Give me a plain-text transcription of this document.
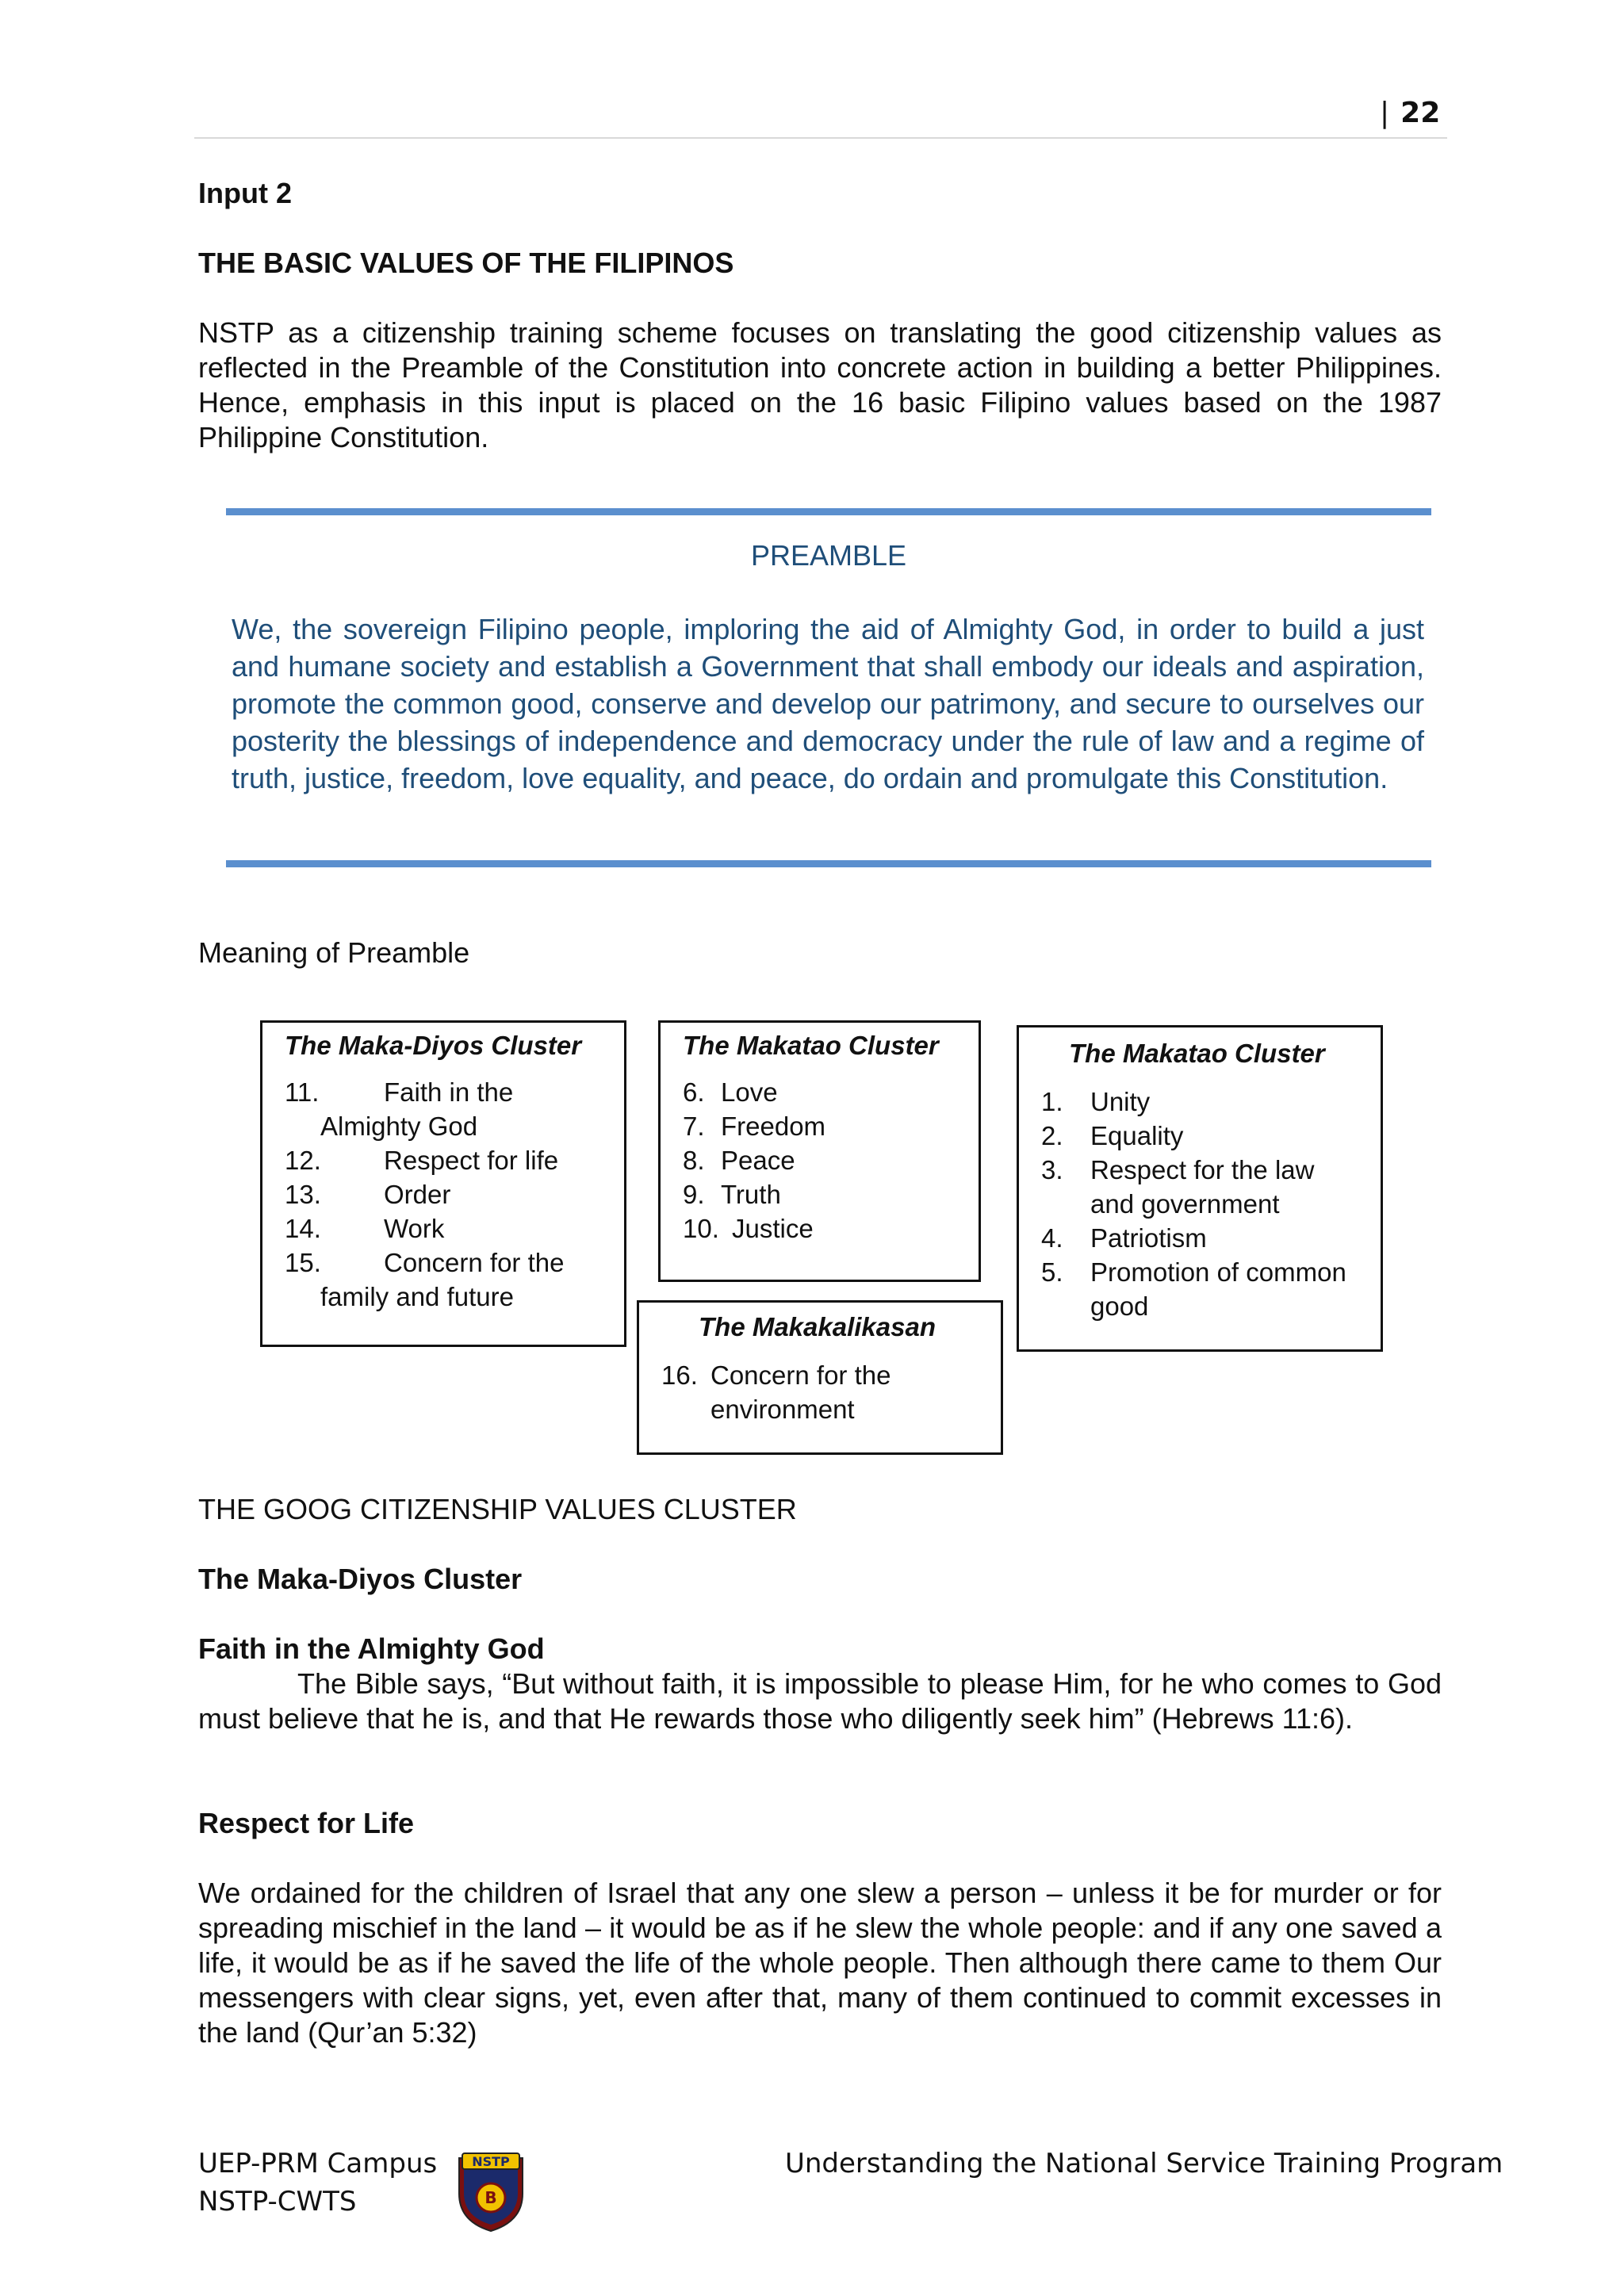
| 22
Input 2
THE BASIC VALUES OF THE FILIPINOS
NSTP as a citizenship training scheme focuses on translating the good citizenship values as reflected in the Preamble of the Constitution into concrete action in building a better Philippines. Hence, emphasis in this input is placed on the 16 basic Filipino values based on the 1987 Philippine Constitution.
PREAMBLE
We, the sovereign Filipino people, imploring the aid of Almighty God, in order to build a just and humane society and establish a Government that shall embody our ideals and aspiration, promote the common good, conserve and develop our patrimony, and secure to ourselves our posterity the blessings of independence and democracy under the rule of law and a regime of truth, justice, freedom, love equality, and peace, do ordain and promulgate this Constitution.
Meaning of Preamble
The Maka-Diyos Cluster
11. Faith in the
Almighty God
12. Respect for life
13. Order
14. Work
15. Concern for the
family and future
The Makatao Cluster
6. Love
7. Freedom
8. Peace
9. Truth
10. Justice
The Makakalikasan
16. Concern for the
environment
The Makatao Cluster
1. Unity
2. Equality
3. Respect for the law
and government
4. Patriotism
5. Promotion of common
good
THE GOOG CITIZENSHIP VALUES CLUSTER
The Maka-Diyos Cluster
Faith in the Almighty God
The Bible says, “But without faith, it is impossible to please Him, for he who comes to God must believe that he is, and that He rewards those who diligently seek him” (Hebrews 11:6).
Respect for Life
We ordained for the children of Israel that any one slew a person – unless it be for murder or for spreading mischief in the land – it would be as if he slew the whole people: and if any one saved a life, it would be as if he saved the life of the whole people. Then although there came to them Our messengers with clear signs, yet, even after that, many of them continued to commit excesses in the land (Qur’an 5:32)
UEP-PRM Campus
NSTP-CWTS
NSTP
B
Understanding the National Service Training Program
